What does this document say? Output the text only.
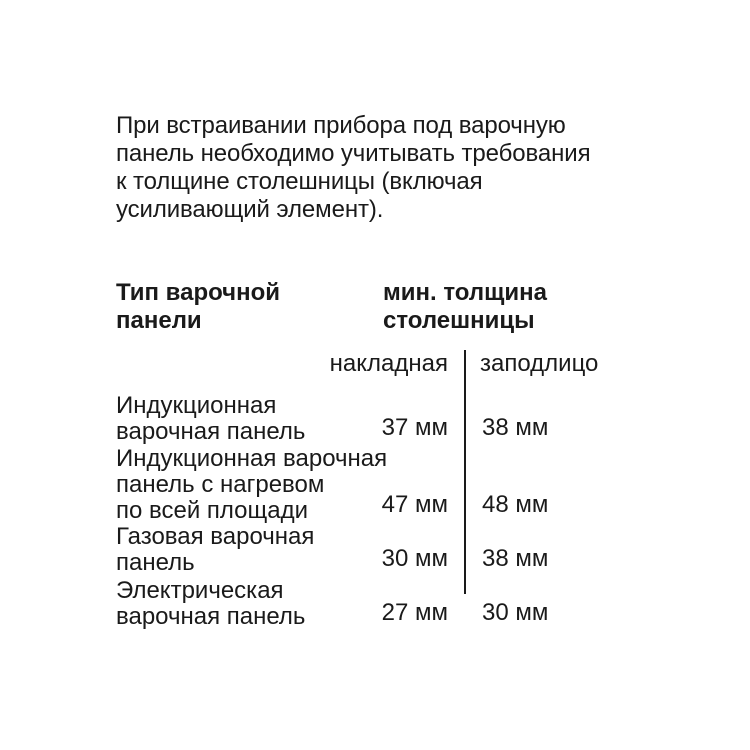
При встраивании прибора под варочную
панель необходимо учитывать требования
к толщине столешницы (включая
усиливающий элемент).
Тип варочной
панели
мин. толщина
столешницы
накладная заподлицо
Индукционная
варочная панель	37 мм 38 мм
Индукционная варочная
панель с нагревом
по всей площади	47 мм 48 мм
Газовая варочная
панель	30 мм 38 мм
Электрическая
варочная панель	27 мм 30 мм
